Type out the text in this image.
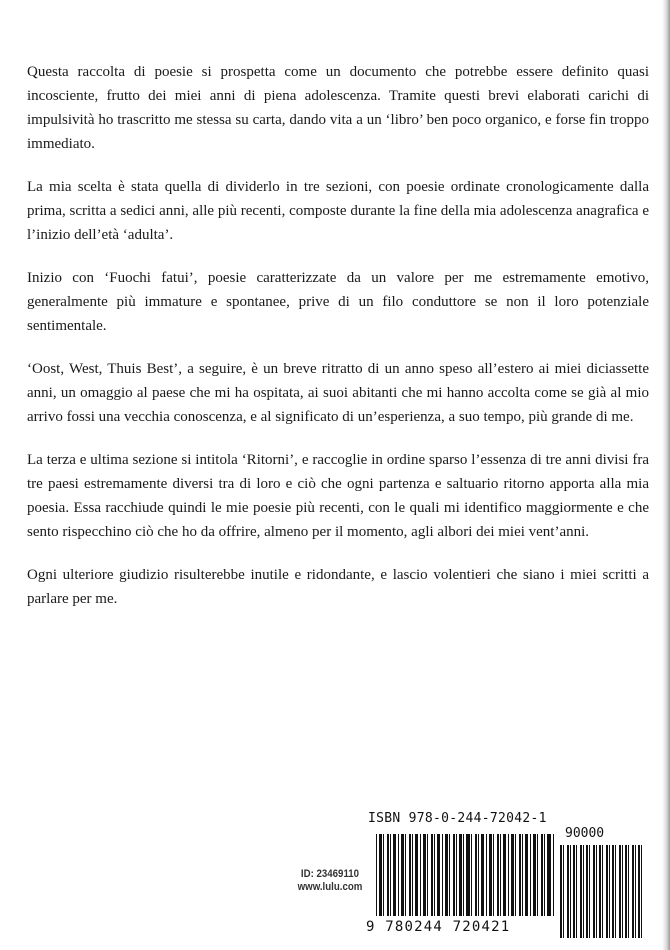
Questa raccolta di poesie si prospetta come un documento che potrebbe essere definito quasi incosciente, frutto dei miei anni di piena adolescenza. Tramite questi brevi elaborati carichi di impulsività ho trascritto me stessa su carta, dando vita a un ‘libro’ ben poco organico, e forse fin troppo immediato.

La mia scelta è stata quella di dividerlo in tre sezioni, con poesie ordinate cronologicamente dalla prima, scritta a sedici anni, alle più recenti, composte durante la fine della mia adolescenza anagrafica e l’inizio dell’età ‘adulta’.

Inizio con ‘Fuochi fatui’, poesie caratterizzate da un valore per me estremamente emotivo, generalmente più immature e spontanee, prive di un filo conduttore se non il loro potenziale sentimentale.

‘Oost, West, Thuis Best’, a seguire, è un breve ritratto di un anno speso all’estero ai miei diciassette anni, un omaggio al paese che mi ha ospitata, ai suoi abitanti che mi hanno accolta come se già al mio arrivo fossi una vecchia conoscenza, e al significato di un’esperienza, a suo tempo, più grande di me.

La terza e ultima sezione si intitola ‘Ritorni’, e raccoglie in ordine sparso l’essenza di tre anni divisi fra tre paesi estremamente diversi tra di loro e ciò che ogni partenza e saltuario ritorno apporta alla mia poesia. Essa racchiude quindi le mie poesie più recenti, con le quali mi identifico maggiormente e che sento rispecchino ciò che ho da offrire, almeno per il momento, agli albori dei miei vent’anni.

Ogni ulteriore giudizio risulterebbe inutile e ridondante, e lascio volentieri che siano i miei scritti a parlare per me.

ID: 23469110
www.lulu.com
ISBN 978-0-244-72042-1
90000
9 780244 720421
